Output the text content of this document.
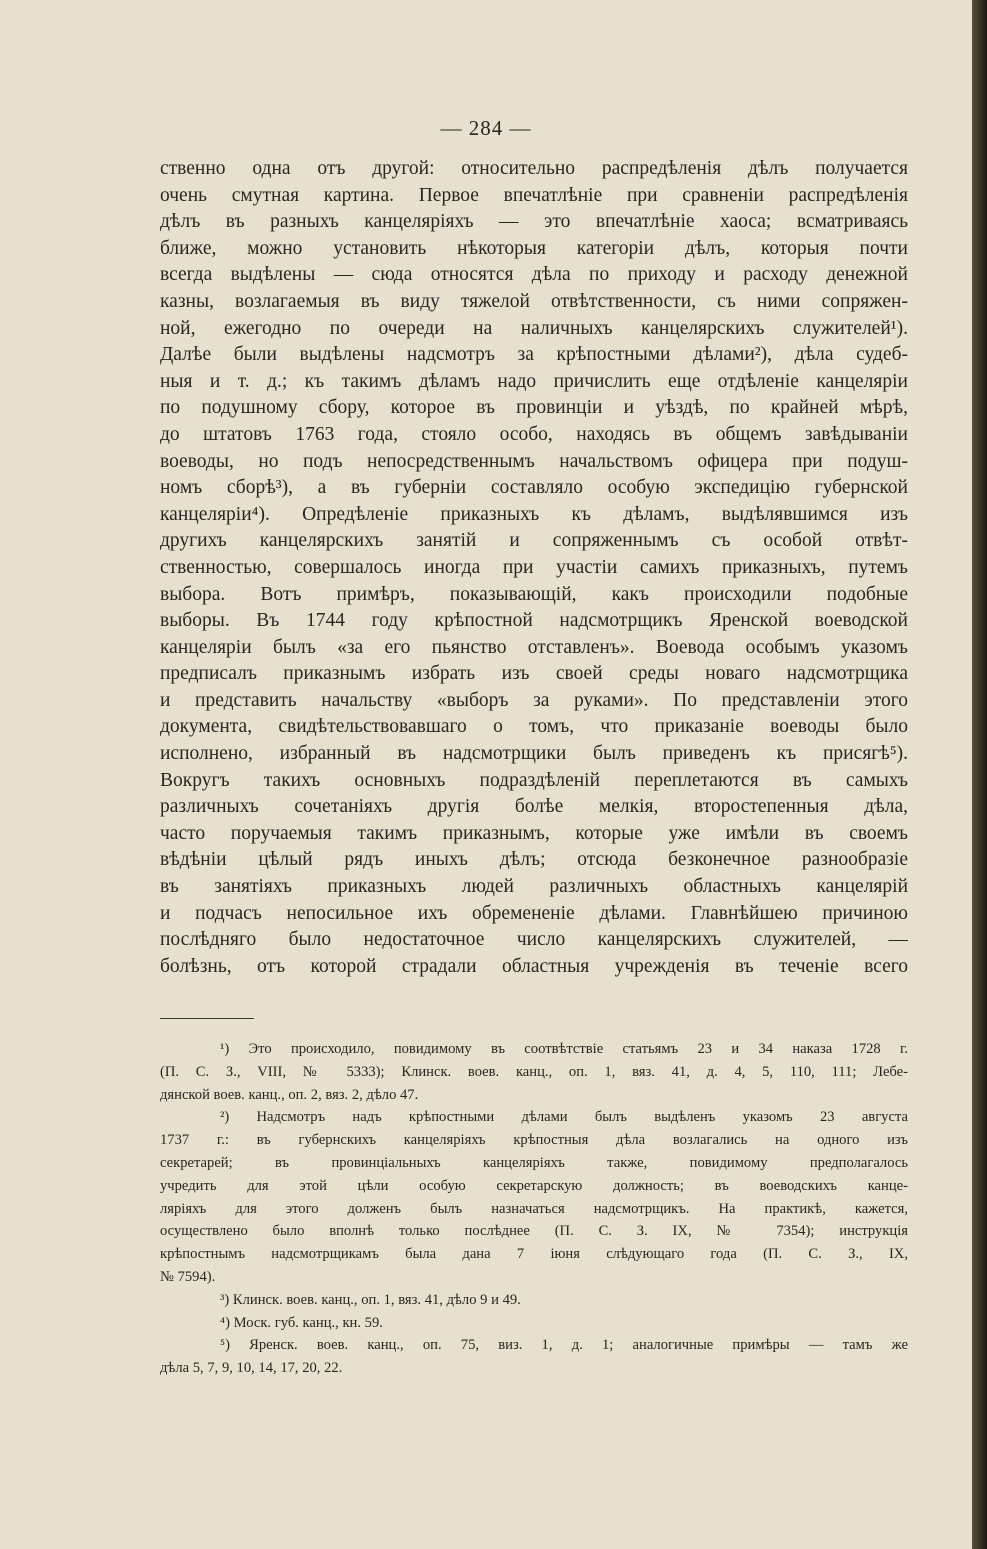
— 284 —
ственно одна отъ другой: относительно распредѣленія дѣлъ получается
очень смутная картина. Первое впечатлѣніе при сравненіи распредѣленія
дѣлъ въ разныхъ канцеляріяхъ — это впечатлѣніе хаоса; всматриваясь
ближе, можно установить нѣкоторыя категоріи дѣлъ, которыя почти
всегда выдѣлены — сюда относятся дѣла по приходу и расходу денежной
казны, возлагаемыя въ виду тяжелой отвѣтственности, съ ними сопряжен-
ной, ежегодно по очереди на наличныхъ канцелярскихъ служителей¹).
Далѣе были выдѣлены надсмотръ за крѣпостными дѣлами²), дѣла судеб-
ныя и т. д.; къ такимъ дѣламъ надо причислить еще отдѣленіе канцеляріи
по подушному сбору, которое въ провинціи и уѣздѣ, по крайней мѣрѣ,
до штатовъ 1763 года, стояло особо, находясь въ общемъ завѣдываніи
воеводы, но подъ непосредственнымъ начальствомъ офицера при подуш-
номъ сборѣ³), а въ губерніи составляло особую экспедицію губернской
канцеляріи⁴). Опредѣленіе приказныхъ къ дѣламъ, выдѣлявшимся изъ
другихъ канцелярскихъ занятій и сопряженнымъ съ особой отвѣт-
ственностью, совершалось иногда при участіи самихъ приказныхъ, путемъ
выбора. Вотъ примѣръ, показывающій, какъ происходили подобные
выборы. Въ 1744 году крѣпостной надсмотрщикъ Яренской воеводской
канцеляріи былъ «за его пьянство отставленъ». Воевода особымъ указомъ
предписалъ приказнымъ избрать изъ своей среды новаго надсмотрщика
и представить начальству «выборъ за руками». По представленіи этого
документа, свидѣтельствовавшаго о томъ, что приказаніе воеводы было
исполнено, избранный въ надсмотрщики былъ приведенъ къ присягѣ⁵).
Вокругъ такихъ основныхъ подраздѣленій переплетаются въ самыхъ
различныхъ сочетаніяхъ другія болѣе мелкія, второстепенныя дѣла,
часто поручаемыя такимъ приказнымъ, которые уже имѣли въ своемъ
вѣдѣніи цѣлый рядъ иныхъ дѣлъ; отсюда безконечное разнообразіе
въ занятіяхъ приказныхъ людей различныхъ областныхъ канцелярій
и подчасъ непосильное ихъ обремененіе дѣлами. Главнѣйшею причиною
послѣдняго было недостаточное число канцелярскихъ служителей, —
болѣзнь, отъ которой страдали областныя учрежденія въ теченіе всего
¹) Это происходило, повидимому въ соотвѣтствіе статьямъ 23 и 34 наказа 1728 г.
(П. С. З., VIII, № 5333); Клинск. воев. канц., оп. 1, вяз. 41, д. 4, 5, 110, 111; Лебе-
дянской воев. канц., оп. 2, вяз. 2, дѣло 47.
²) Надсмотръ надъ крѣпостными дѣлами былъ выдѣленъ указомъ 23 августа
1737 г.: въ губернскихъ канцеляріяхъ крѣпостныя дѣла возлагались на одного изъ
секретарей; въ провинціальныхъ канцеляріяхъ также, повидимому предполагалось
учредить для этой цѣли особую секретарскую должность; въ воеводскихъ канце-
ляріяхъ для этого долженъ былъ назначаться надсмотрщикъ. На практикѣ, кажется,
осуществлено было вполнѣ только послѣднее (П. С. З. IX, № 7354); инструкція
крѣпостнымъ надсмотрщикамъ была дана 7 іюня слѣдующаго года (П. С. З., IX,
№ 7594).
³) Клинск. воев. канц., оп. 1, вяз. 41, дѣло 9 и 49.
⁴) Моск. губ. канц., кн. 59.
⁵) Яренск. воев. канц., оп. 75, виз. 1, д. 1; аналогичные примѣры — тамъ же
дѣла 5, 7, 9, 10, 14, 17, 20, 22.
